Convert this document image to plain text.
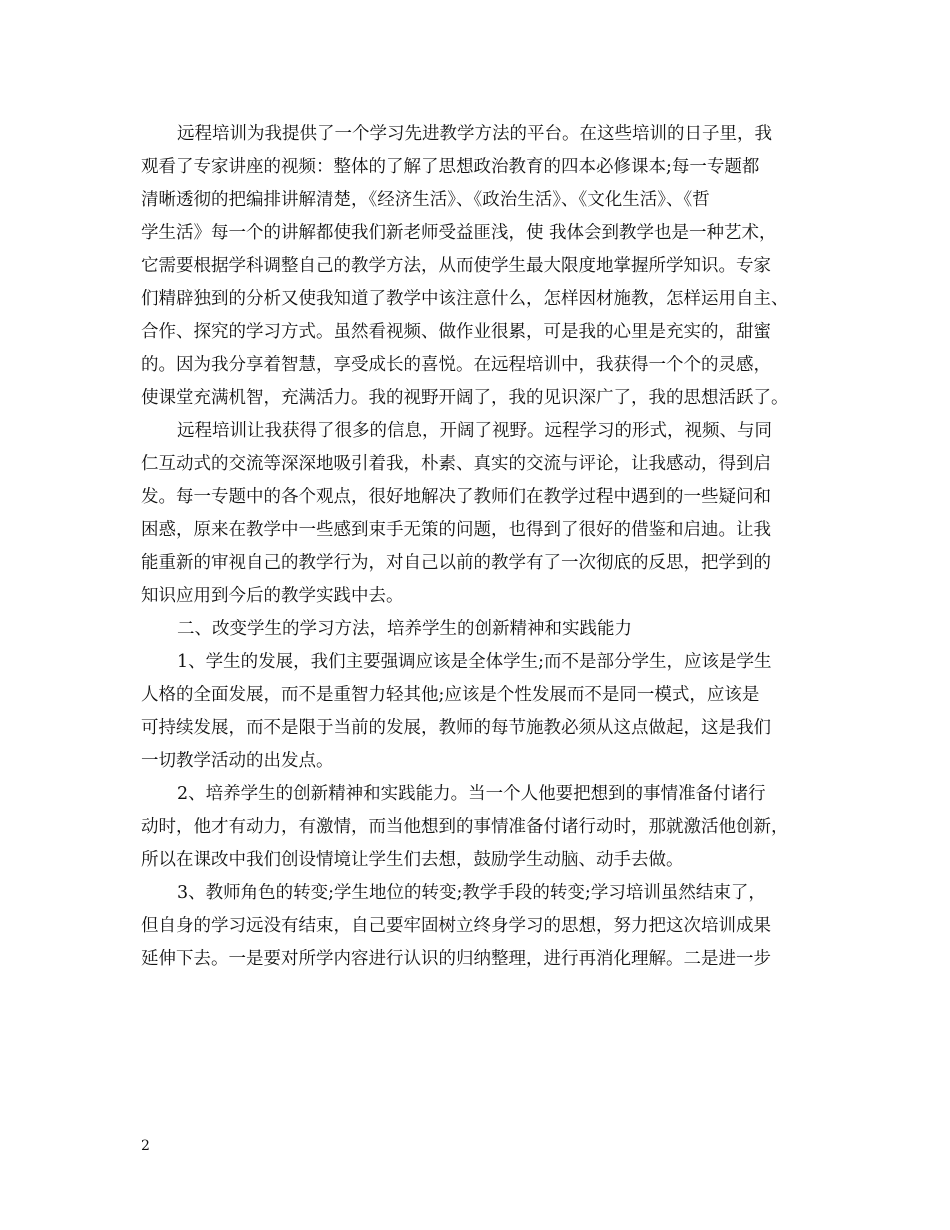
远程培训为我提供了一个学习先进教学方法的平台。在这些培训的日子里，我
观看了专家讲座的视频：整体的了解了思想政治教育的四本必修课本;每一专题都
清晰透彻的把编排讲解清楚，《经济生活》、《政治生活》、《文化生活》、《哲
学生活》每一个的讲解都使我们新老师受益匪浅，使 我体会到教学也是一种艺术，
它需要根据学科调整自己的教学方法，从而使学生最大限度地掌握所学知识。专家
们精辟独到的分析又使我知道了教学中该注意什么，怎样因材施教，怎样运用自主、
合作、探究的学习方式。虽然看视频、做作业很累，可是我的心里是充实的，甜蜜
的。因为我分享着智慧，享受成长的喜悦。在远程培训中，我获得一个个的灵感，
使课堂充满机智，充满活力。我的视野开阔了，我的见识深广了，我的思想活跃了。
远程培训让我获得了很多的信息，开阔了视野。远程学习的形式，视频、与同
仁互动式的交流等深深地吸引着我，朴素、真实的交流与评论，让我感动，得到启
发。每一专题中的各个观点，很好地解决了教师们在教学过程中遇到的一些疑问和
困惑，原来在教学中一些感到束手无策的问题，也得到了很好的借鉴和启迪。让我
能重新的审视自己的教学行为，对自己以前的教学有了一次彻底的反思，把学到的
知识应用到今后的教学实践中去。
二、改变学生的学习方法，培养学生的创新精神和实践能力
1、学生的发展，我们主要强调应该是全体学生;而不是部分学生，应该是学生
人格的全面发展，而不是重智力轻其他;应该是个性发展而不是同一模式，应该是
可持续发展，而不是限于当前的发展，教师的每节施教必须从这点做起，这是我们
一切教学活动的出发点。
2、培养学生的创新精神和实践能力。当一个人他要把想到的事情准备付诸行
动时，他才有动力，有激情，而当他想到的事情准备付诸行动时，那就激活他创新，
所以在课改中我们创设情境让学生们去想，鼓励学生动脑、动手去做。
3、教师角色的转变;学生地位的转变;教学手段的转变;学习培训虽然结束了，
但自身的学习远没有结束，自己要牢固树立终身学习的思想，努力把这次培训成果
延伸下去。一是要对所学内容进行认识的归纳整理，进行再消化理解。二是进一步
2
